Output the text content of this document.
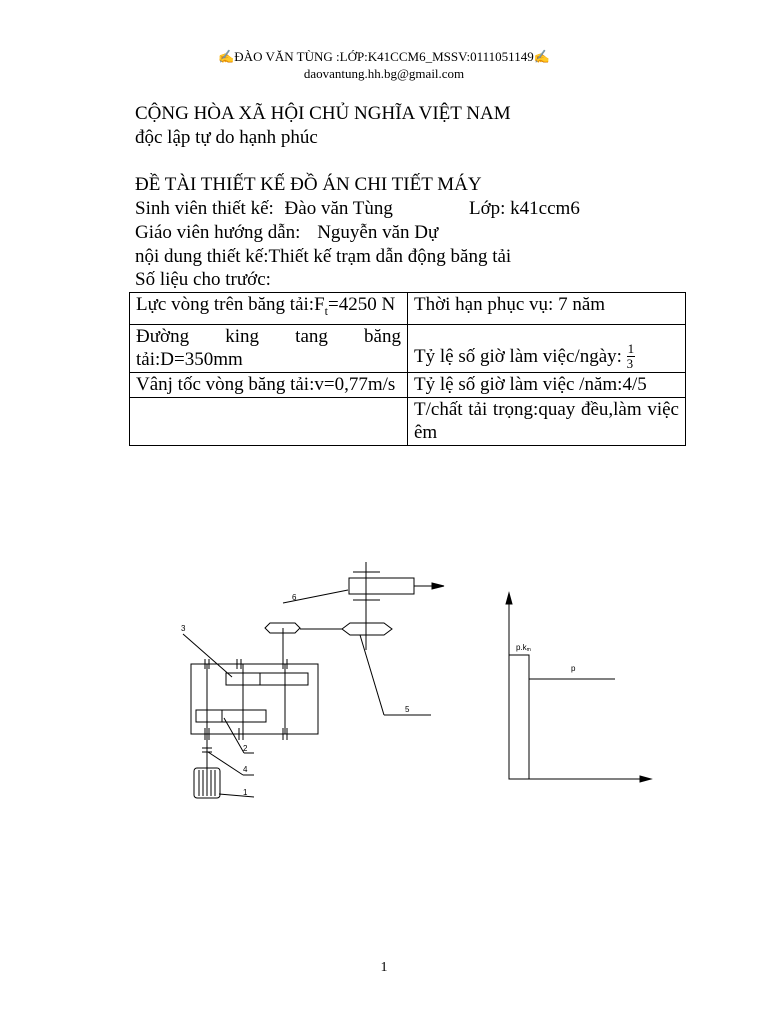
✍ĐÀO VĂN TÙNG :LỚP:K41CCM6_MSSV:0111051149✍
daovantung.hh.bg@gmail.com
CỘNG HÒA XÃ HỘI CHỦ NGHĨA VIỆT NAM
độc lập tự do hạnh phúc
ĐỀ TÀI THIẾT KẾ ĐỒ ÁN CHI TIẾT MÁY
Sinh viên thiết kế: Đào văn Tùng	Lớp: k41ccm6
Giáo viên hướng dẫn: Nguyễn văn Dự
nội dung thiết kế:Thiết kế trạm dẫn động băng tải
Số liệu cho trước:
Lực vòng trên băng $tải:F_t=4250$ N	Thời hạn phục vụ: 7 năm
Đường king tang băng tải:D=350mm	Tỷ lệ số giờ làm việc/ngày: $\frac{1}{3}$

Vânj tốc vòng băng tải:v=0,77m/s	Tỷ lệ số giờ làm việc /năm:4/5
	T/chất tải trọng:quay đều,làm việc êm
3
6
5
2
4
1
p.km
p
1
